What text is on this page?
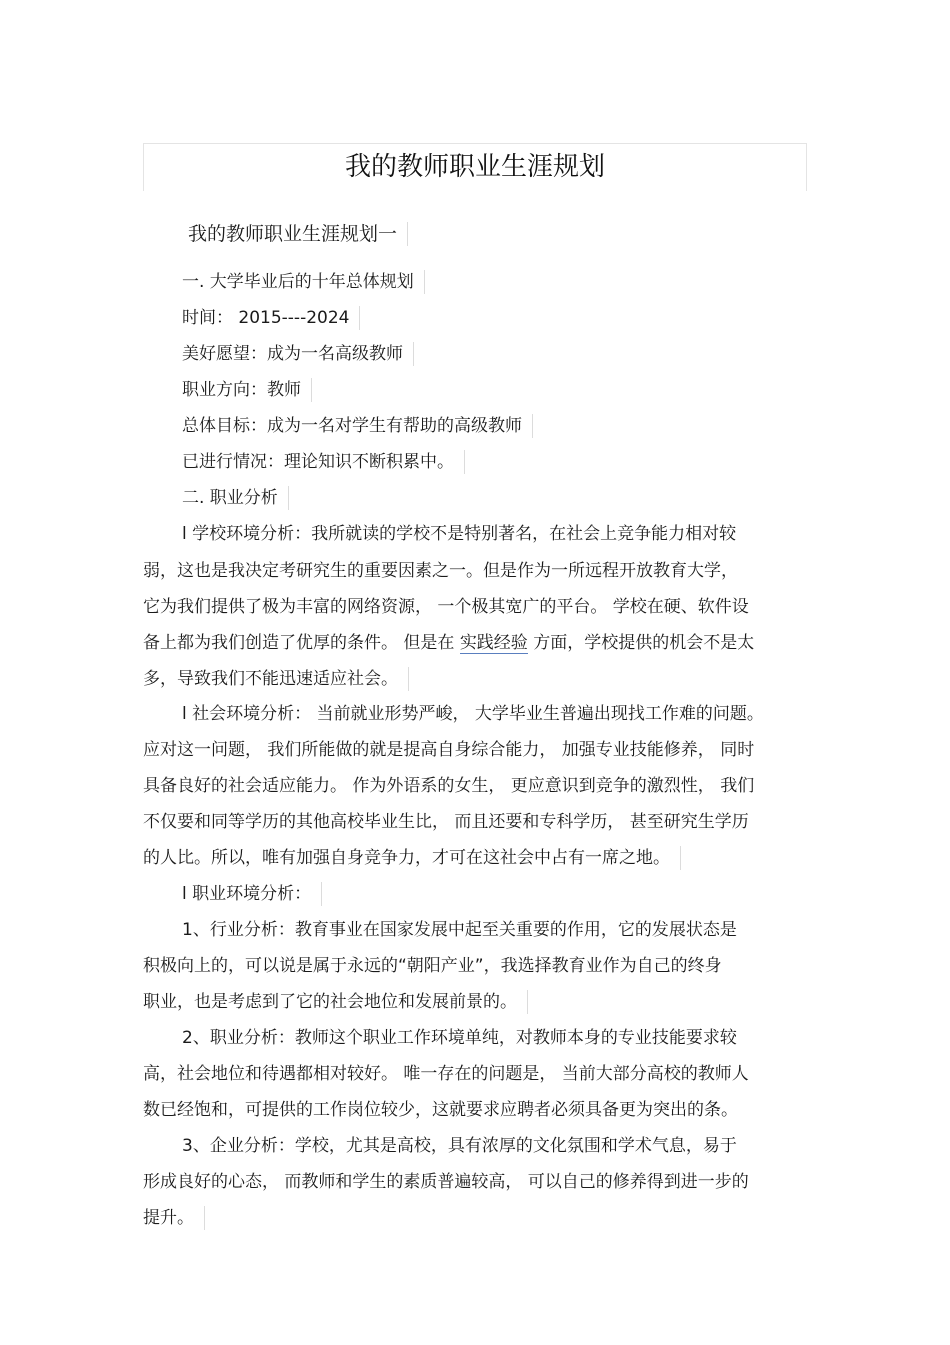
我的教师职业生涯规划
我的教师职业生涯规划一
一. 大学毕业后的十年总体规划
时间： 2015----2024
美好愿望：成为一名高级教师
职业方向：教师
总体目标：成为一名对学生有帮助的高级教师
已进行情况：理论知识不断积累中。
二. 职业分析
l 学校环境分析：我所就读的学校不是特别著名，在社会上竞争能力相对较
弱，这也是我决定考研究生的重要因素之一。但是作为一所远程开放教育大学，
它为我们提供了极为丰富的网络资源， 一个极其宽广的平台。 学校在硬、软件设
备上都为我们创造了优厚的条件。 但是在 实践经验 方面，学校提供的机会不是太
多，导致我们不能迅速适应社会。
l 社会环境分析： 当前就业形势严峻， 大学毕业生普遍出现找工作难的问题。
应对这一问题， 我们所能做的就是提高自身综合能力， 加强专业技能修养， 同时
具备良好的社会适应能力。 作为外语系的女生， 更应意识到竞争的激烈性， 我们
不仅要和同等学历的其他高校毕业生比， 而且还要和专科学历， 甚至研究生学历
的人比。所以，唯有加强自身竞争力，才可在这社会中占有一席之地。
l 职业环境分析：
1、行业分析：教育事业在国家发展中起至关重要的作用，它的发展状态是
积极向上的，可以说是属于永远的“朝阳产业”，我选择教育业作为自己的终身
职业，也是考虑到了它的社会地位和发展前景的。
2、职业分析：教师这个职业工作环境单纯，对教师本身的专业技能要求较
高，社会地位和待遇都相对较好。 唯一存在的问题是， 当前大部分高校的教师人
数已经饱和，可提供的工作岗位较少，这就要求应聘者必须具备更为突出的条。
3、企业分析：学校，尤其是高校，具有浓厚的文化氛围和学术气息，易于
形成良好的心态， 而教师和学生的素质普遍较高， 可以自己的修养得到进一步的
提升。
